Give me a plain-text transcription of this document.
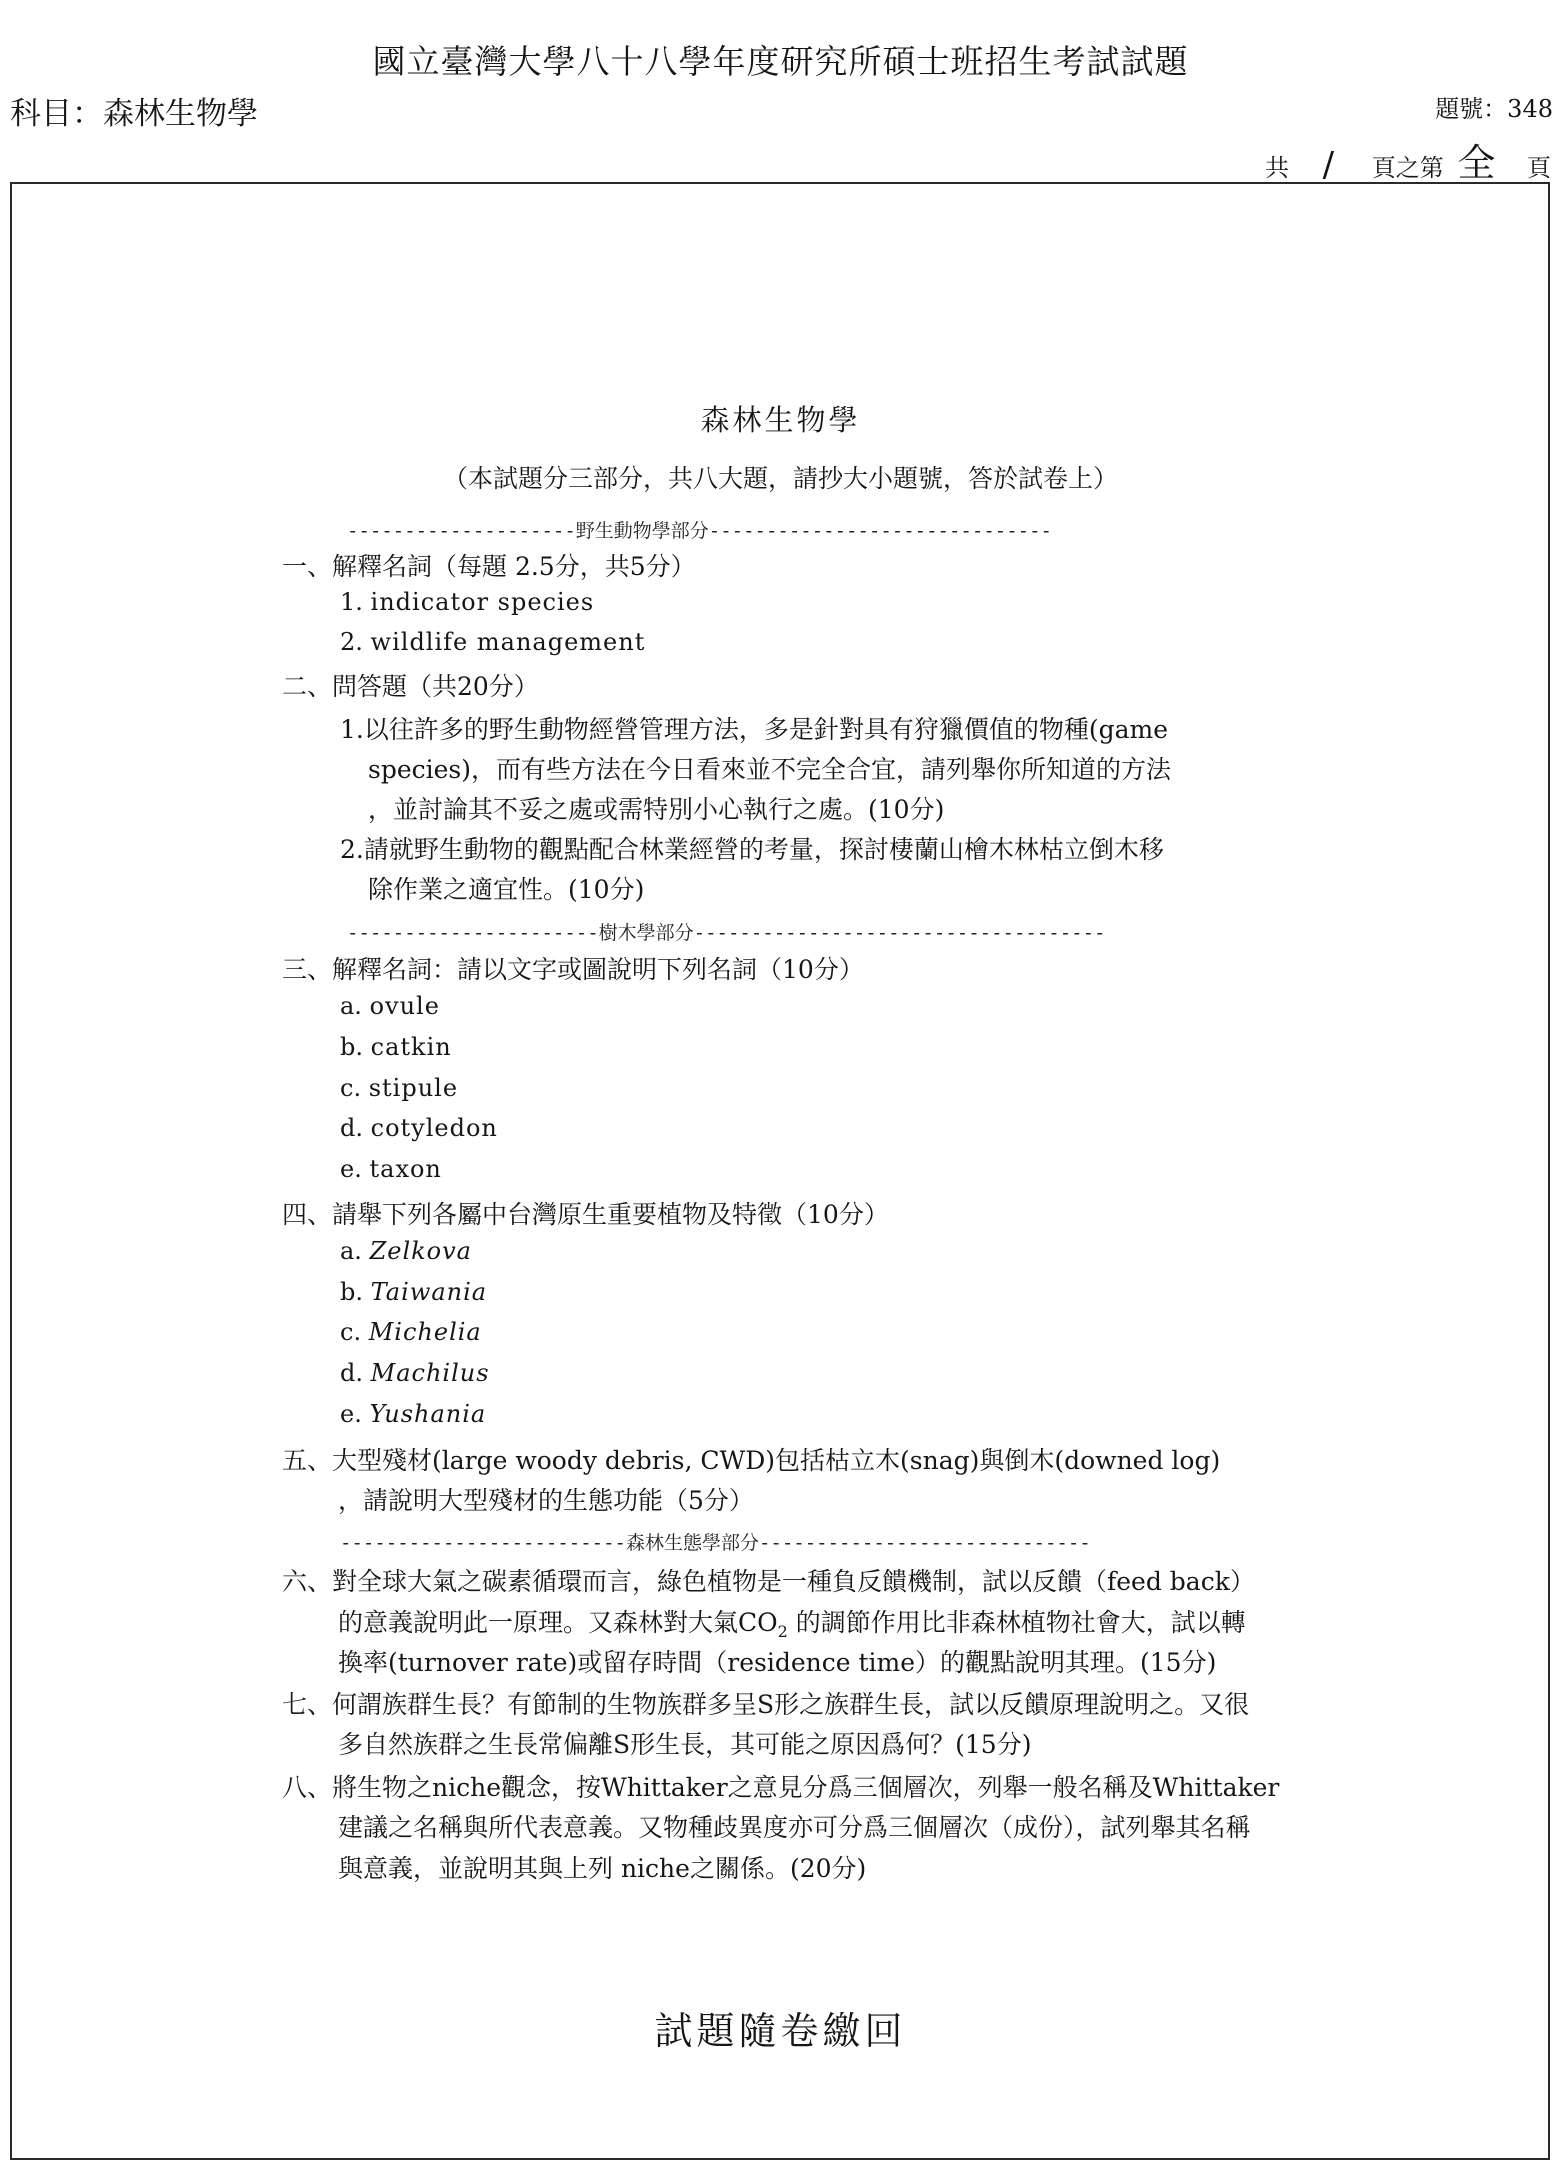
國立臺灣大學八十八學年度研究所碩士班招生考試試題
科目：森林生物學	題號：348
共 / 頁之第 全 頁
森林生物學
（本試題分三部分，共八大題，請抄大小題號，答於試卷上）
--------------------野生動物學部分------------------------------
一、解釋名詞（每題 2.5分，共5分）
1. indicator species
2. wildlife management
二、問答題（共20分）
1.以往許多的野生動物經營管理方法，多是針對具有狩獵價值的物種(game
species)，而有些方法在今日看來並不完全合宜，請列舉你所知道的方法
，並討論其不妥之處或需特別小心執行之處。(10分)
2.請就野生動物的觀點配合林業經營的考量，探討棲蘭山檜木林枯立倒木移
除作業之適宜性。(10分)
----------------------樹木學部分------------------------------------
三、解釋名詞：請以文字或圖說明下列名詞（10分）
a. ovule
b. catkin
c. stipule
d. cotyledon
e. taxon
四、請舉下列各屬中台灣原生重要植物及特徵（10分）
a. Zelkova
b. Taiwania
c. Michelia
d. Machilus
e. Yushania
五、大型殘材(large woody debris, CWD)包括枯立木(snag)與倒木(downed log)
，請說明大型殘材的生態功能（5分）
-------------------------森林生態學部分-----------------------------
六、對全球大氣之碳素循環而言，綠色植物是一種負反饋機制，試以反饋（feed back）
的意義說明此一原理。又森林對大氣$CO_2$ 的調節作用比非森林植物社會大，試以轉
換率(turnover rate)或留存時間（residence time）的觀點說明其理。(15分)
七、何謂族群生長？有節制的生物族群多呈S形之族群生長，試以反饋原理說明之。又很
多自然族群之生長常偏離S形生長，其可能之原因爲何？(15分)
八、將生物之niche觀念，按Whittaker之意見分爲三個層次，列舉一般名稱及Whittaker
建議之名稱與所代表意義。又物種歧異度亦可分爲三個層次（成份），試列舉其名稱
與意義，並說明其與上列 niche之關係。(20分)
試題隨卷繳回
